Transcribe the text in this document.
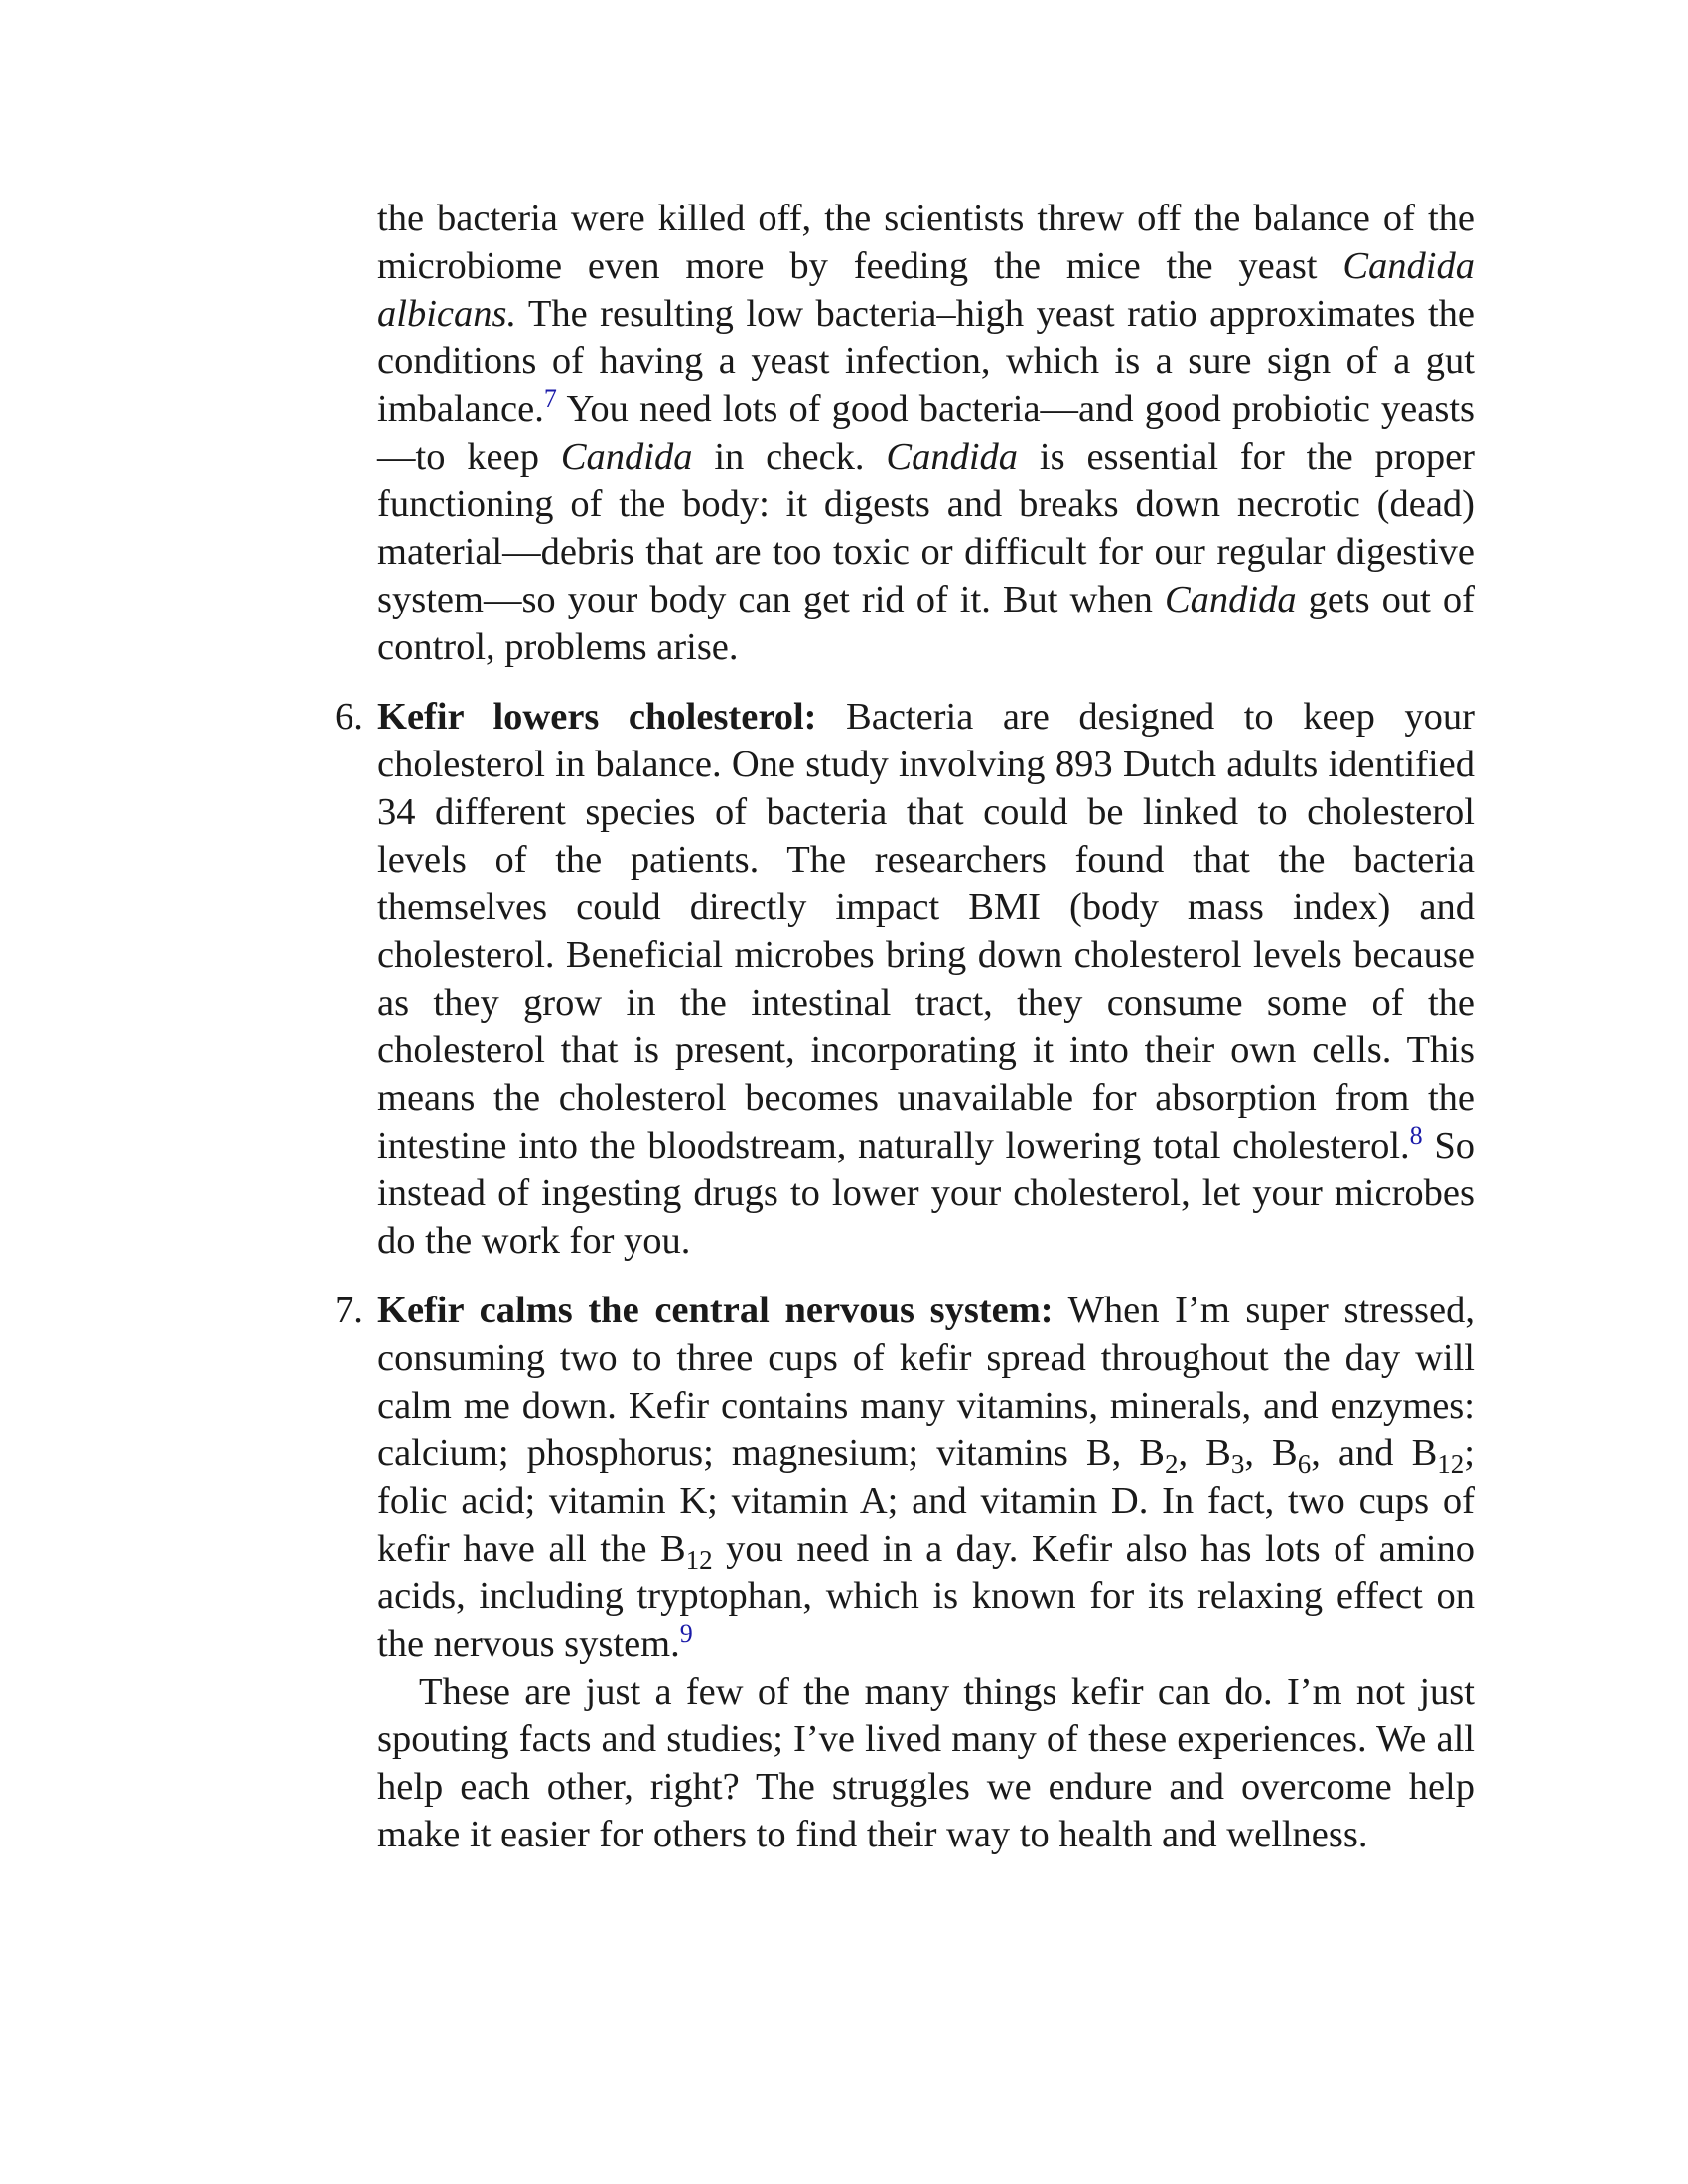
the bacteria were killed off, the scientists threw off the balance of the microbiome even more by feeding the mice the yeast Candida albicans. The resulting low bacteria–high yeast ratio approximates the conditions of having a yeast infection, which is a sure sign of a gut imbalance.$^7$ You need lots of good bacteria—and good probiotic yeasts—to keep Candida in check. Candida is essential for the proper functioning of the body: it digests and breaks down necrotic (dead) material—debris that are too toxic or difficult for our regular digestive system—so your body can get rid of it. But when Candida gets out of control, problems arise.

6. Kefir lowers cholesterol: Bacteria are designed to keep your cholesterol in balance. One study involving 893 Dutch adults identified 34 different species of bacteria that could be linked to cholesterol levels of the patients. The researchers found that the bacteria themselves could directly impact BMI (body mass index) and cholesterol. Beneficial microbes bring down cholesterol levels because as they grow in the intestinal tract, they consume some of the cholesterol that is present, incorporating it into their own cells. This means the cholesterol becomes unavailable for absorption from the intestine into the bloodstream, naturally lowering total cholesterol.$^8$ So instead of ingesting drugs to lower your cholesterol, let your microbes do the work for you.

7. Kefir calms the central nervous system: When I’m super stressed, consuming two to three cups of kefir spread throughout the day will calm me down. Kefir contains many vitamins, minerals, and enzymes: calcium; phosphorus; magnesium; vitamins B, $B_2$, $B_3$, $B_6$, and $B_{12}$; folic acid; vitamin K; vitamin A; and vitamin D. In fact, two cups of kefir have all the $B_{12}$ you need in a day. Kefir also has lots of amino acids, including tryptophan, which is known for its relaxing effect on the nervous system.$^9$

These are just a few of the many things kefir can do. I’m not just spouting facts and studies; I’ve lived many of these experiences. We all help each other, right? The struggles we endure and overcome help make it easier for others to find their way to health and wellness.
